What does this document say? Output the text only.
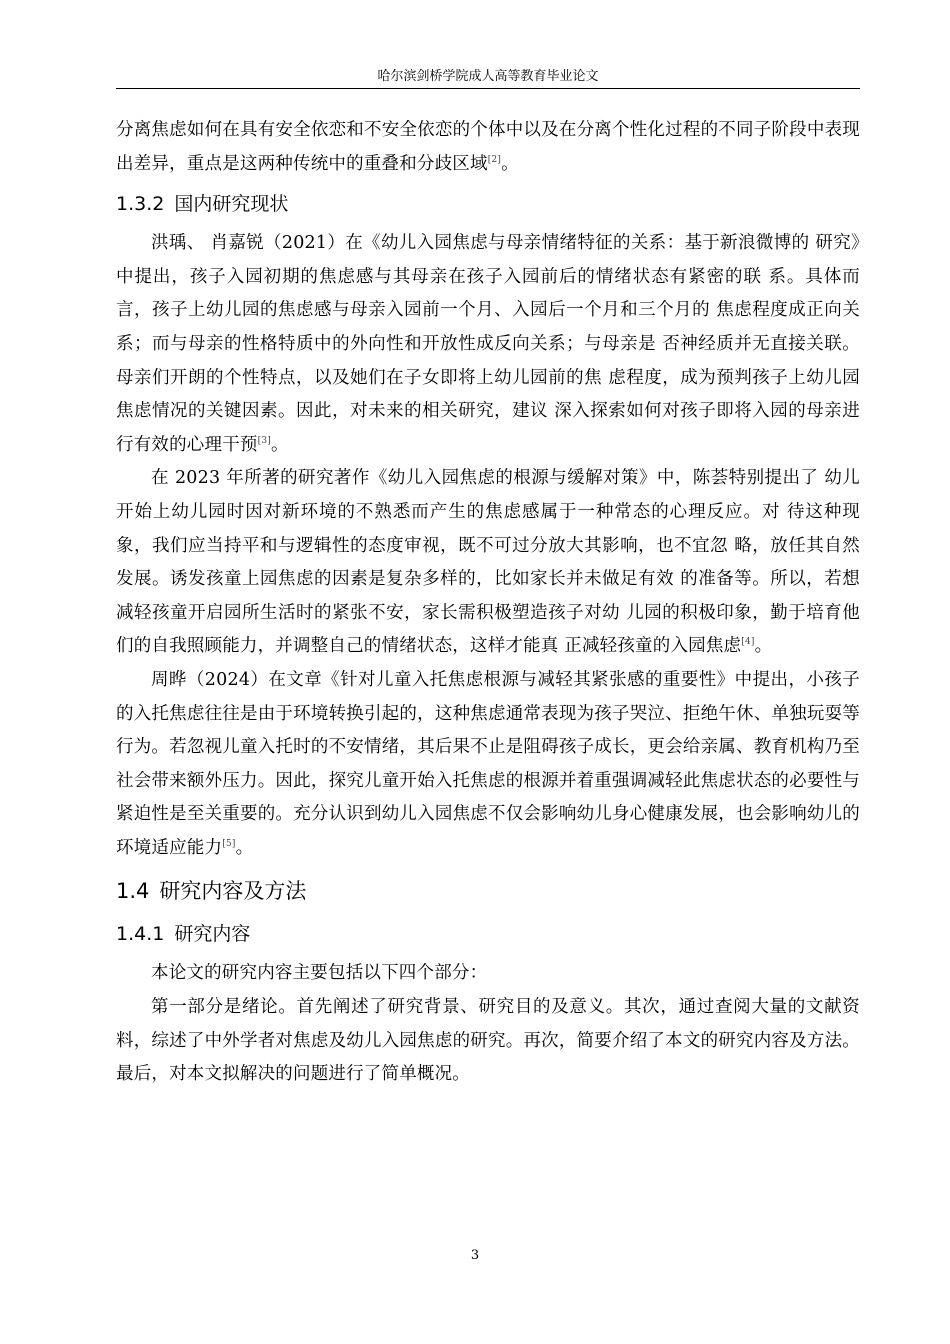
哈尔滨剑桥学院成人高等教育毕业论文

分离焦虑如何在具有安全依恋和不安全依恋的个体中以及在分离个性化过程的不同子阶段中表现出差异，重点是这两种传统中的重叠和分歧区域[2]。

1.3.2 国内研究现状

洪瑀、 肖嘉锐（2021）在《幼儿入园焦虑与母亲情绪特征的关系：基于新浪微博的 研究》中提出，孩子入园初期的焦虑感与其母亲在孩子入园前后的情绪状态有紧密的联 系。具体而言，孩子上幼儿园的焦虑感与母亲入园前一个月、入园后一个月和三个月的 焦虑程度成正向关系；而与母亲的性格特质中的外向性和开放性成反向关系；与母亲是 否神经质并无直接关联。母亲们开朗的个性特点，以及她们在子女即将上幼儿园前的焦 虑程度，成为预判孩子上幼儿园焦虑情况的关键因素。因此，对未来的相关研究，建议 深入探索如何对孩子即将入园的母亲进行有效的心理干预[3]。

在 2023 年所著的研究著作《幼儿入园焦虑的根源与缓解对策》中，陈荟特别提出了 幼儿开始上幼儿园时因对新环境的不熟悉而产生的焦虑感属于一种常态的心理反应。对 待这种现象，我们应当持平和与逻辑性的态度审视，既不可过分放大其影响，也不宜忽 略，放任其自然发展。诱发孩童上园焦虑的因素是复杂多样的，比如家长并未做足有效 的准备等。所以，若想减轻孩童开启园所生活时的紧张不安，家长需积极塑造孩子对幼 儿园的积极印象，勤于培育他们的自我照顾能力，并调整自己的情绪状态，这样才能真 正减轻孩童的入园焦虑[4]。

周晔（2024）在文章《针对儿童入托焦虑根源与减轻其紧张感的重要性》中提出，小孩子的入托焦虑往往是由于环境转换引起的，这种焦虑通常表现为孩子哭泣、拒绝午休、单独玩耍等行为。若忽视儿童入托时的不安情绪，其后果不止是阻碍孩子成长，更会给亲属、教育机构乃至社会带来额外压力。因此，探究儿童开始入托焦虑的根源并着重强调减轻此焦虑状态的必要性与紧迫性是至关重要的。充分认识到幼儿入园焦虑不仅会影响幼儿身心健康发展，也会影响幼儿的环境适应能力[5]。

1.4 研究内容及方法
1.4.1 研究内容

本论文的研究内容主要包括以下四个部分：

第一部分是绪论。首先阐述了研究背景、研究目的及意义。其次，通过查阅大量的文献资料，综述了中外学者对焦虑及幼儿入园焦虑的研究。再次，简要介绍了本文的研究内容及方法。最后，对本文拟解决的问题进行了简单概况。

3
